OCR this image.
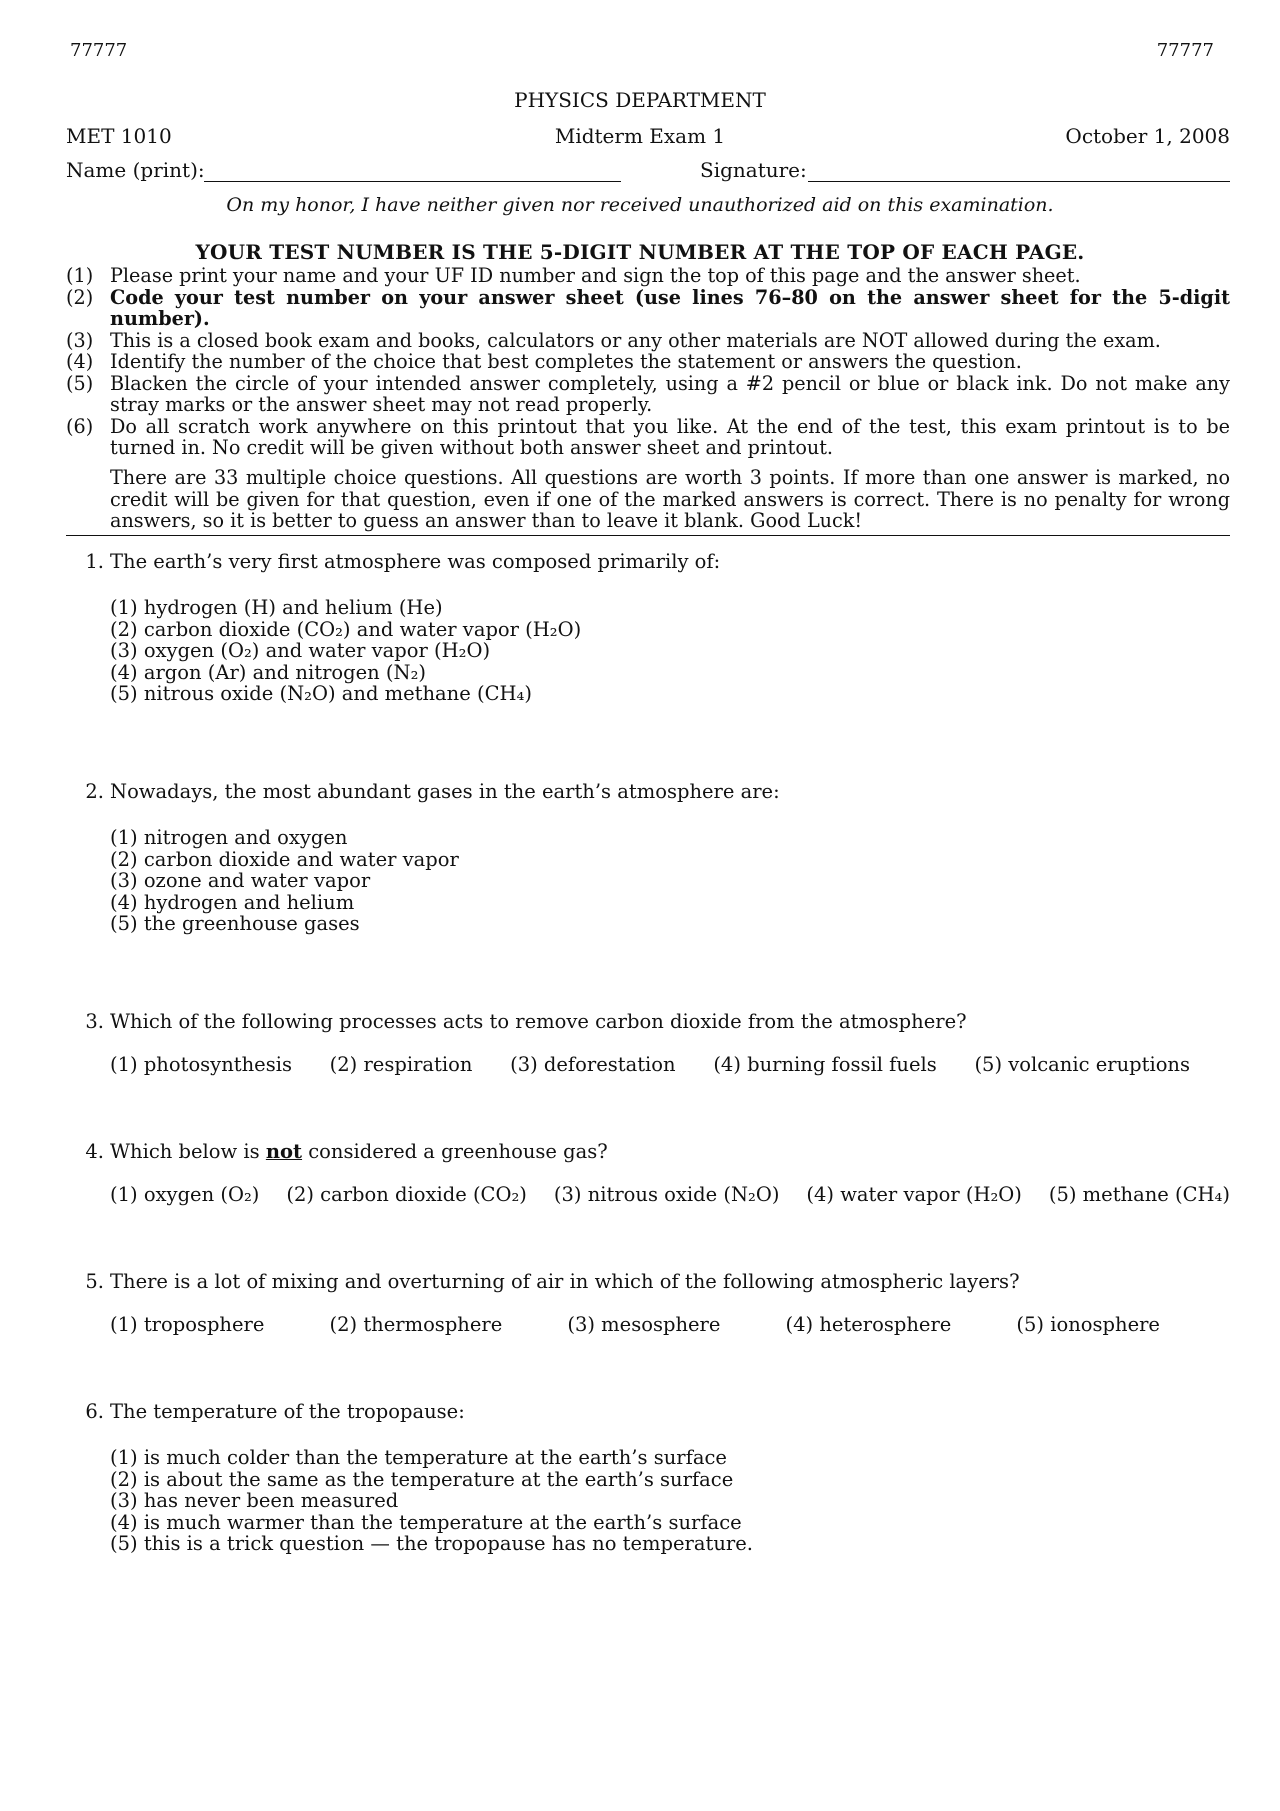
77777	77777
PHYSICS DEPARTMENT
MET 1010	Midterm Exam 1	October 1, 2008
Name (print):	Signature:
On my honor, I have neither given nor received unauthorized aid on this examination.
YOUR TEST NUMBER IS THE 5-DIGIT NUMBER AT THE TOP OF EACH PAGE.
(1) Please print your name and your UF ID number and sign the top of this page and the answer sheet.
(2) Code your test number on your answer sheet (use lines 76–80 on the answer sheet for the 5-digit number).
(3) This is a closed book exam and books, calculators or any other materials are NOT allowed during the exam.
(4) Identify the number of the choice that best completes the statement or answers the question.
(5) Blacken the circle of your intended answer completely, using a #2 pencil or blue or black ink. Do not make any stray marks or the answer sheet may not read properly.
(6) Do all scratch work anywhere on this printout that you like. At the end of the test, this exam printout is to be turned in. No credit will be given without both answer sheet and printout.
There are 33 multiple choice questions. All questions are worth 3 points. If more than one answer is marked, no credit will be given for that question, even if one of the marked answers is correct. There is no penalty for wrong answers, so it is better to guess an answer than to leave it blank. Good Luck!
1. The earth’s very first atmosphere was composed primarily of:
(1) hydrogen (H) and helium (He)
(2) carbon dioxide (CO₂) and water vapor (H₂O)
(3) oxygen (O₂) and water vapor (H₂O)
(4) argon (Ar) and nitrogen (N₂)
(5) nitrous oxide (N₂O) and methane (CH₄)
2. Nowadays, the most abundant gases in the earth’s atmosphere are:
(1) nitrogen and oxygen
(2) carbon dioxide and water vapor
(3) ozone and water vapor
(4) hydrogen and helium
(5) the greenhouse gases
3. Which of the following processes acts to remove carbon dioxide from the atmosphere?
(1) photosynthesis (2) respiration (3) deforestation (4) burning fossil fuels (5) volcanic eruptions
4. Which below is not considered a greenhouse gas?
(1) oxygen (O₂) (2) carbon dioxide (CO₂) (3) nitrous oxide (N₂O) (4) water vapor (H₂O) (5) methane (CH₄)
5. There is a lot of mixing and overturning of air in which of the following atmospheric layers?
(1) troposphere	(2) thermosphere	(3) mesosphere	(4) heterosphere	(5) ionosphere
6. The temperature of the tropopause:
(1) is much colder than the temperature at the earth’s surface
(2) is about the same as the temperature at the earth’s surface
(3) has never been measured
(4) is much warmer than the temperature at the earth’s surface
(5) this is a trick question — the tropopause has no temperature.
